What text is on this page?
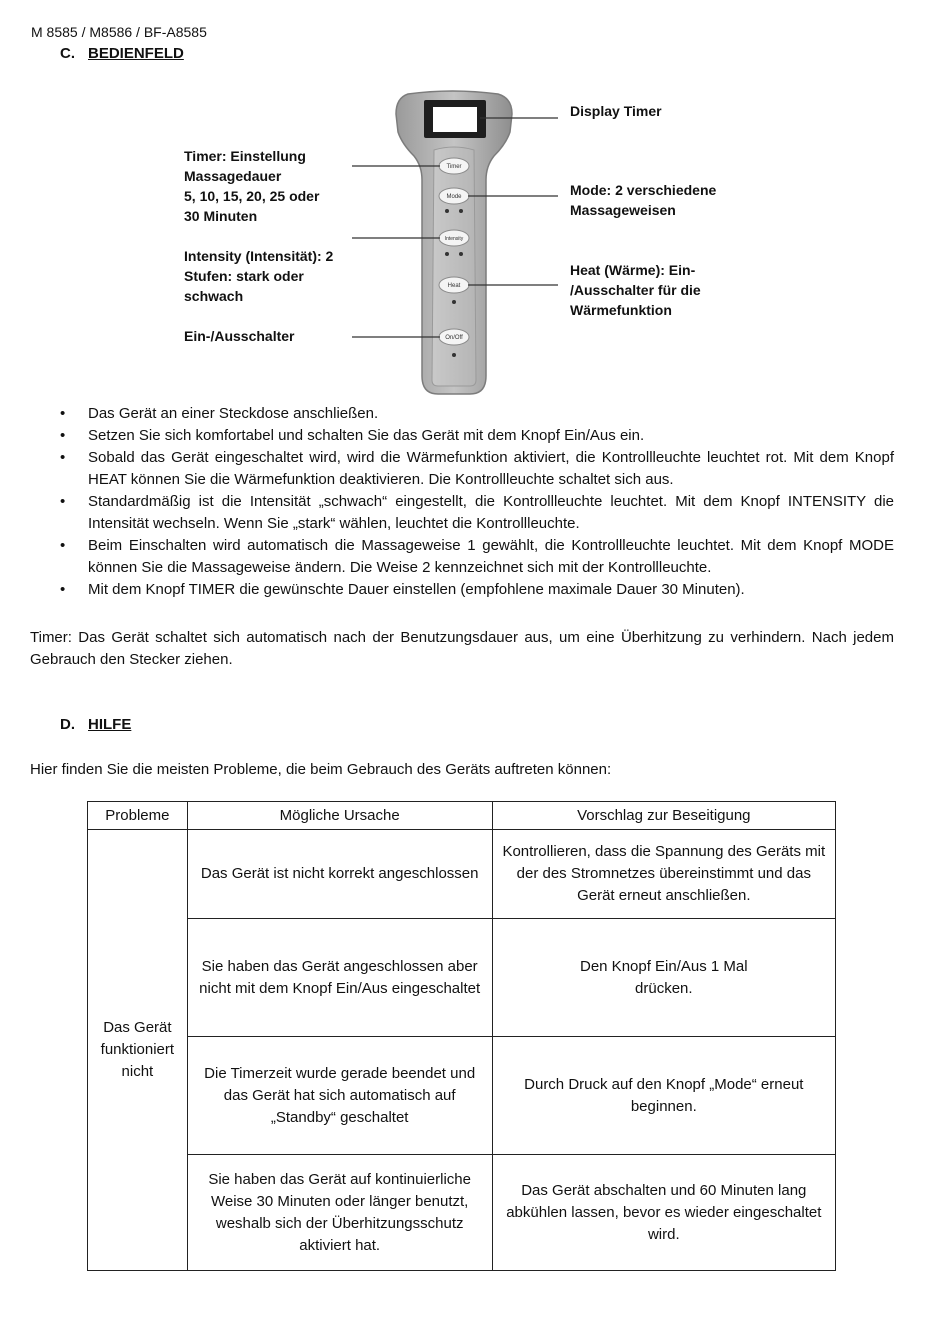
M 8585 / M8586 / BF-A8585
C. BEDIENFELD
Timer
Mode
Intensity
Heat
On/Off
Display Timer
Timer: Einstellung
Massagedauer
5, 10, 15, 20, 25 oder
30 Minuten
Mode: 2 verschiedene
Massageweisen
Intensity (Intensität): 2
Stufen: stark oder
schwach
Heat (Wärme): Ein-
/Ausschalter für die
Wärmefunktion
Ein-/Ausschalter
• Das Gerät an einer Steckdose anschließen.
• Setzen Sie sich komfortabel und schalten Sie das Gerät mit dem Knopf Ein/Aus ein.
• Sobald das Gerät eingeschaltet wird, wird die Wärmefunktion aktiviert, die Kontrollleuchte leuchtet rot. Mit dem Knopf HEAT können Sie die Wärmefunktion deaktivieren. Die Kontrollleuchte schaltet sich aus.
• Standardmäßig ist die Intensität „schwach“ eingestellt, die Kontrollleuchte leuchtet. Mit dem Knopf INTENSITY die Intensität wechseln. Wenn Sie „stark“ wählen, leuchtet die Kontrollleuchte.
• Beim Einschalten wird automatisch die Massageweise 1 gewählt, die Kontrollleuchte leuchtet. Mit dem Knopf MODE können Sie die Massageweise ändern. Die Weise 2 kennzeichnet sich mit der Kontrollleuchte.
• Mit dem Knopf TIMER die gewünschte Dauer einstellen (empfohlene maximale Dauer 30 Minuten).
Timer: Das Gerät schaltet sich automatisch nach der Benutzungsdauer aus, um eine Überhitzung zu verhindern. Nach jedem Gebrauch den Stecker ziehen.
D. HILFE
Hier finden Sie die meisten Probleme, die beim Gebrauch des Geräts auftreten können:
Probleme	Mögliche Ursache	Vorschlag zur Beseitigung
Das Gerät funktioniert nicht	Das Gerät ist nicht korrekt angeschlossen	Kontrollieren, dass die Spannung des Geräts mit der des Stromnetzes übereinstimmt und das Gerät erneut anschließen.
	Sie haben das Gerät angeschlossen aber nicht mit dem Knopf Ein/Aus eingeschaltet	Den Knopf Ein/Aus 1 Mal drücken.
	Die Timerzeit wurde gerade beendet und das Gerät hat sich automatisch auf „Standby“ geschaltet	Durch Druck auf den Knopf „Mode“ erneut beginnen.
	Sie haben das Gerät auf kontinuierliche Weise 30 Minuten oder länger benutzt, weshalb sich der Überhitzungsschutz aktiviert hat.	Das Gerät abschalten und 60 Minuten lang abkühlen lassen, bevor es wieder eingeschaltet wird.
